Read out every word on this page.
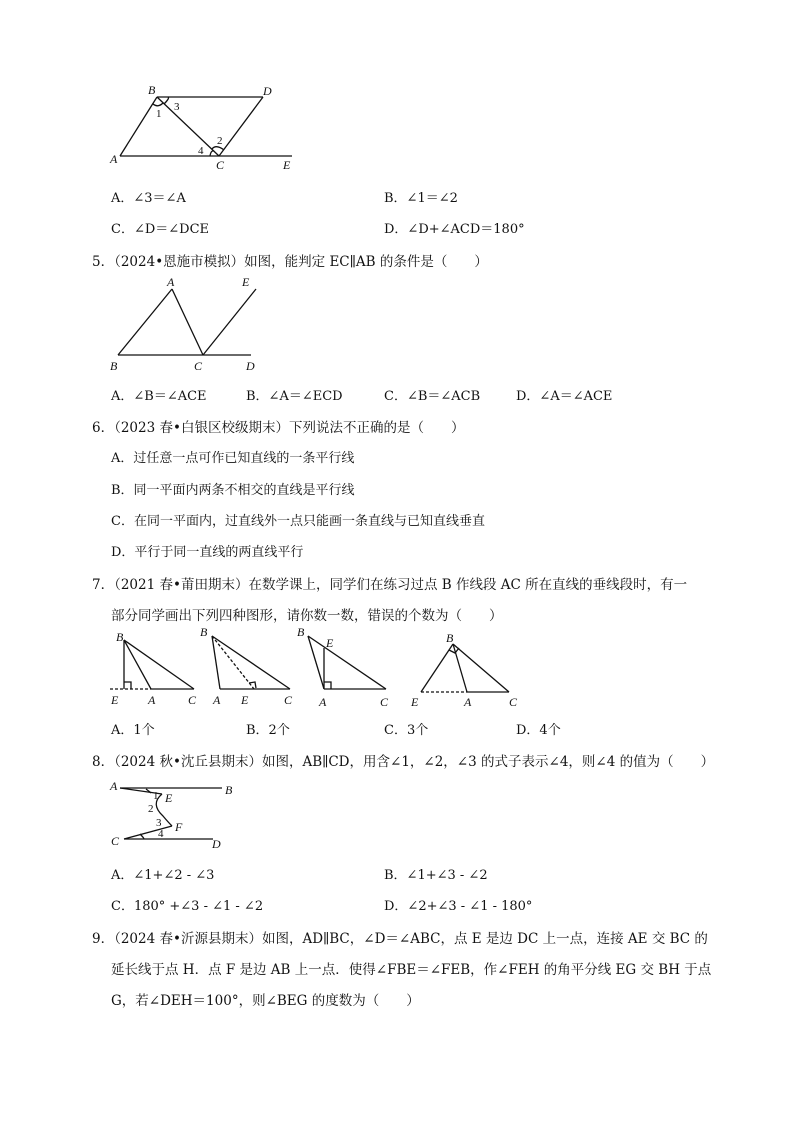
B	D
A	C	E
1
2
3
4
A．∠3＝∠A	B．∠1＝∠2
C．∠D＝∠DCE	D．∠D+∠ACD＝180°
5．（2024•恩施市模拟）如图，能判定 EC∥AB 的条件是（　　）
A	E
B	C	D
A．∠B＝∠ACE	B．∠A＝∠ECD	C．∠B＝∠ACB	D．∠A＝∠ACE
6．（2023 春•白银区校级期末）下列说法不正确的是（　　）
A．过任意一点可作已知直线的一条平行线
B．同一平面内两条不相交的直线是平行线
C．在同一平面内，过直线外一点只能画一条直线与已知直线垂直
D．平行于同一直线的两直线平行
7．（2021 春•莆田期末）在数学课上，同学们在练习过点 B 作线段 AC 所在直线的垂线段时，有一
部分同学画出下列四种图形，请你数一数，错误的个数为（　　）
B
E A	C
B
A E	C
B
E
A	C
B
E	A	C
A．1个	B．2个	C．3个	D．4个
8．（2024 秋•沈丘县期末）如图，AB∥CD，用含∠1，∠2，∠3 的式子表示∠4，则∠4 的值为（　　）
A	B
C	D
E
F
1
2
3
4
A．∠1+∠2 - ∠3	B．∠1+∠3 - ∠2
C．180° +∠3 - ∠1 - ∠2	D．∠2+∠3 - ∠1 - 180°
9．（2024 春•沂源县期末）如图，AD∥BC，∠D＝∠ABC，点 E 是边 DC 上一点，连接 AE 交 BC 的
延长线于点 H．点 F 是边 AB 上一点．使得∠FBE＝∠FEB，作∠FEH 的角平分线 EG 交 BH 于点
G，若∠DEH＝100°，则∠BEG 的度数为（　　）
